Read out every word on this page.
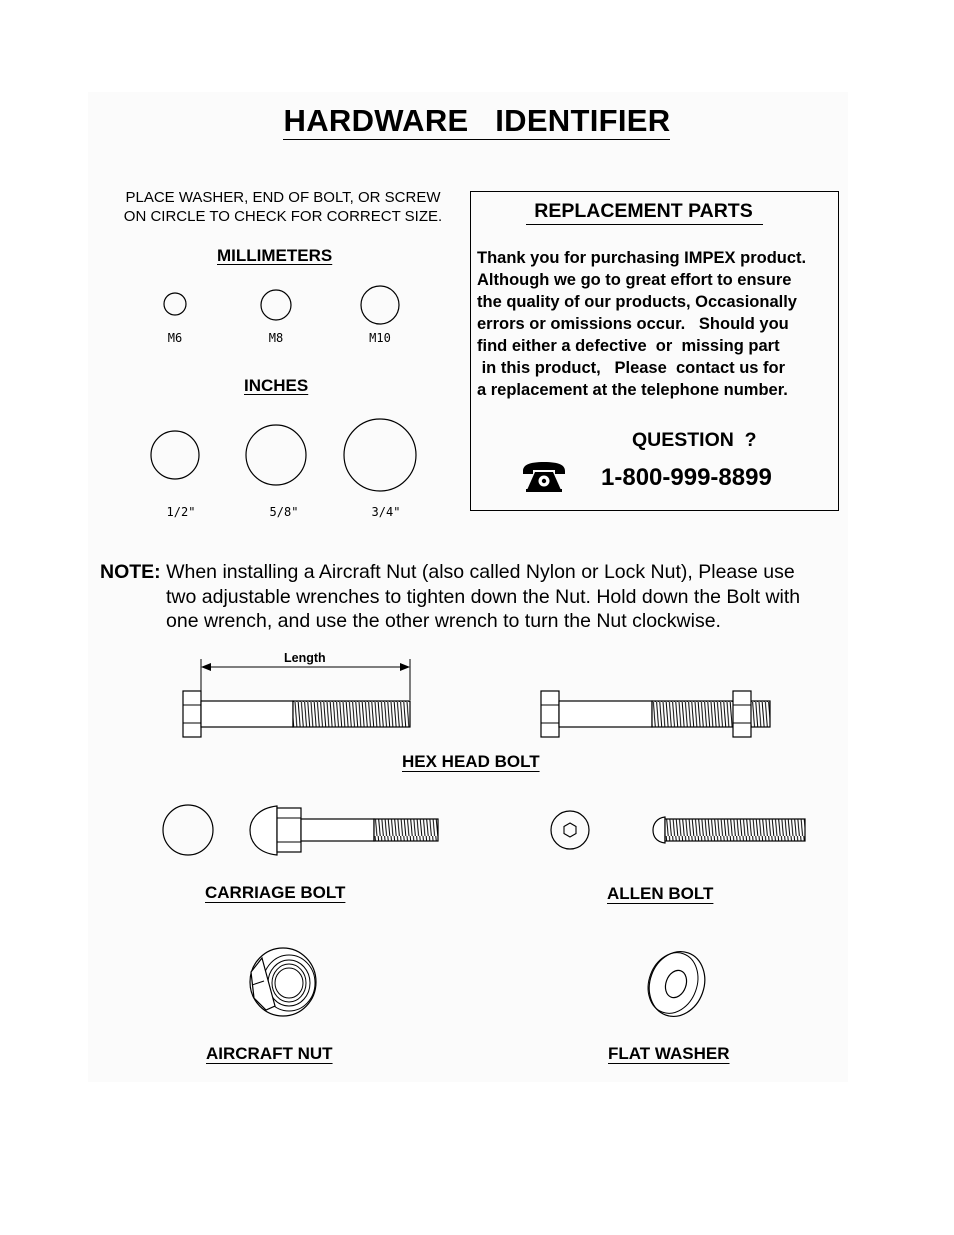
HARDWARE   IDENTIFIER
PLACE WASHER, END OF BOLT, OR SCREW
ON CIRCLE TO CHECK FOR CORRECT SIZE.
MILLIMETERS
M6	M8	M10
INCHES
1/2"	5/8"	3/4"
REPLACEMENT PARTS
Thank you for purchasing IMPEX product.
Although we go to great effort to ensure
the quality of our products, Occasionally
errors or omissions occur.   Should you
find either a defective  or  missing part
in this product,   Please  contact us for
a replacement at the telephone number.
QUESTION  ?
1-800-999-8899
NOTE: When installing a Aircraft Nut (also called Nylon or Lock Nut), Please use
two adjustable wrenches to tighten down the Nut. Hold down the Bolt with
one wrench, and use the other wrench to turn the Nut clockwise.
Length
HEX HEAD BOLT
CARRIAGE BOLT	ALLEN BOLT
AIRCRAFT NUT	FLAT WASHER
